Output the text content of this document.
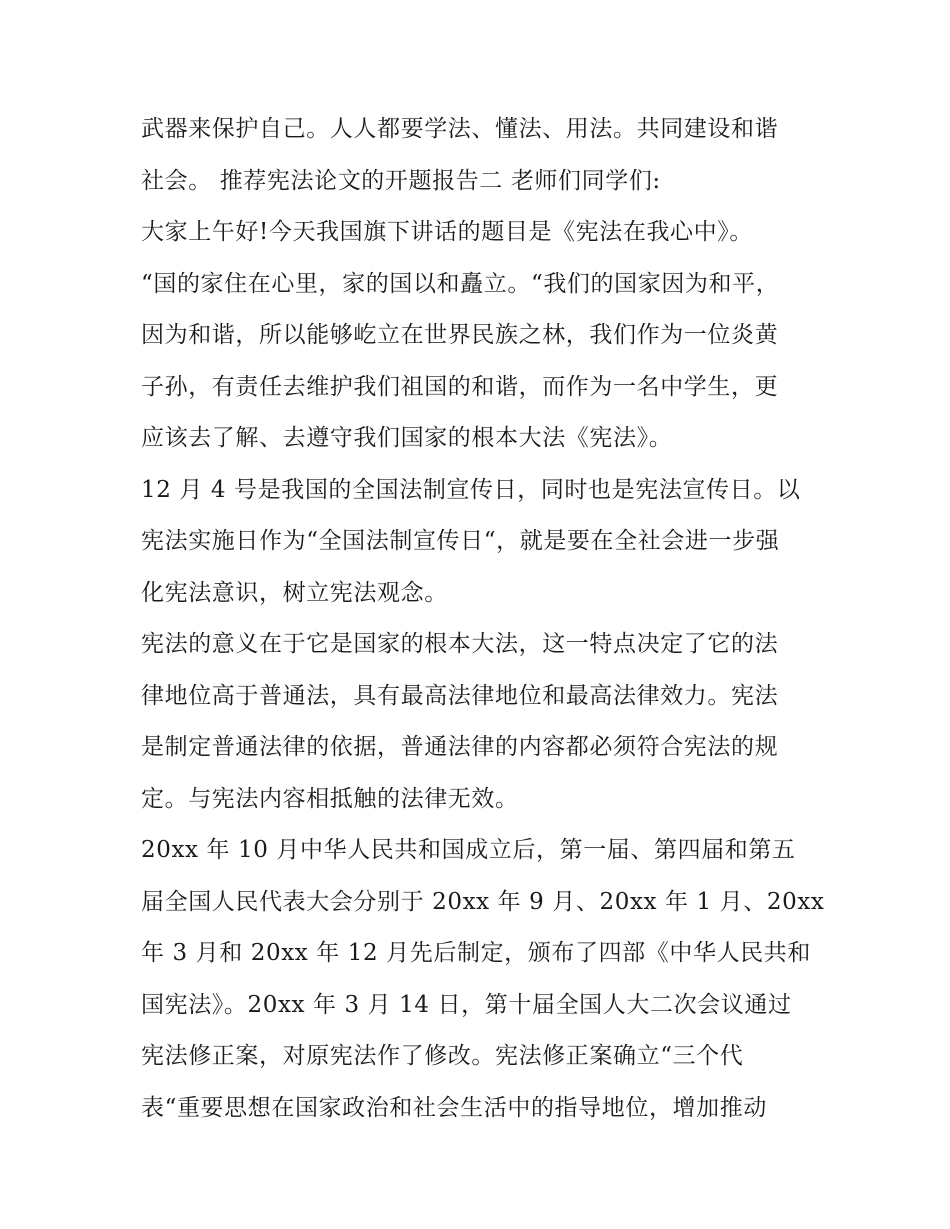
武器来保护自己。人人都要学法、懂法、用法。共同建设和谐
社会。 推荐宪法论文的开题报告二 老师们同学们:
大家上午好!今天我国旗下讲话的题目是《宪法在我心中》。
“国的家住在心里，家的国以和矗立。“我们的国家因为和平，
因为和谐，所以能够屹立在世界民族之林，我们作为一位炎黄
子孙，有责任去维护我们祖国的和谐，而作为一名中学生，更
应该去了解、去遵守我们国家的根本大法《宪法》。
12 月 4 号是我国的全国法制宣传日，同时也是宪法宣传日。以
宪法实施日作为“全国法制宣传日“，就是要在全社会进一步强
化宪法意识，树立宪法观念。
宪法的意义在于它是国家的根本大法，这一特点决定了它的法
律地位高于普通法，具有最高法律地位和最高法律效力。宪法
是制定普通法律的依据，普通法律的内容都必须符合宪法的规
定。与宪法内容相抵触的法律无效。
20xx 年 10 月中华人民共和国成立后，第一届、第四届和第五
届全国人民代表大会分别于 20xx 年 9 月、20xx 年 1 月、20xx
年 3 月和 20xx 年 12 月先后制定，颁布了四部《中华人民共和
国宪法》。20xx 年 3 月 14 日，第十届全国人大二次会议通过
宪法修正案，对原宪法作了修改。宪法修正案确立“三个代
表“重要思想在国家政治和社会生活中的指导地位，增加推动
